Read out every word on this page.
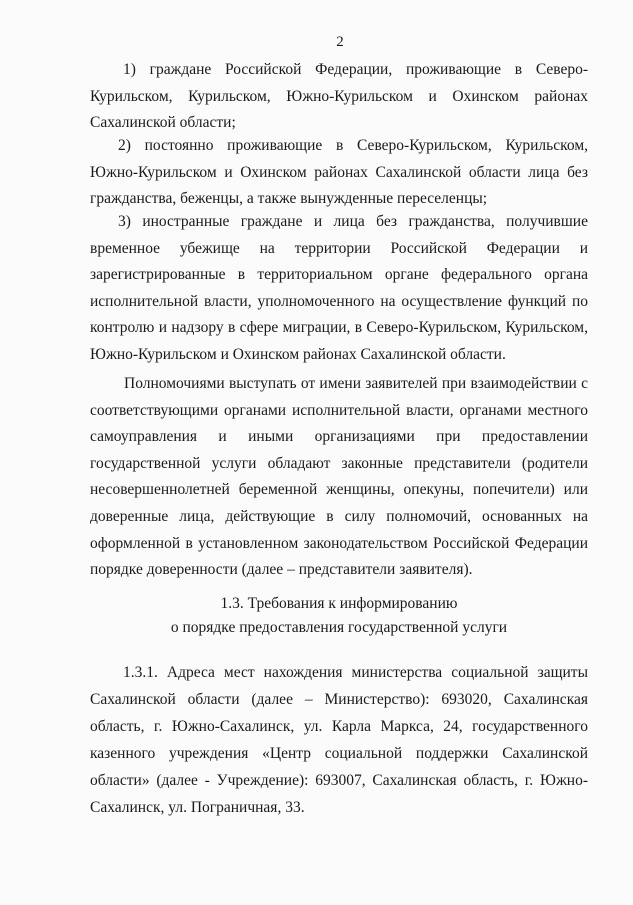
2

1) граждане Российской Федерации, проживающие в Северо-Курильском, Курильском, Южно-Курильском и Охинском районах Сахалинской области;

2) постоянно проживающие в Северо-Курильском, Курильском, Южно-Курильском и Охинском районах Сахалинской области лица без гражданства, беженцы, а также вынужденные переселенцы;

3) иностранные граждане и лица без гражданства, получившие временное убежище на территории Российской Федерации и зарегистрированные в территориальном органе федерального органа исполнительной власти, уполномоченного на осуществление функций по контролю и надзору в сфере миграции, в Северо-Курильском, Курильском, Южно-Курильском и Охинском районах Сахалинской области.

Полномочиями выступать от имени заявителей при взаимодействии с соответствующими органами исполнительной власти, органами местного самоуправления и иными организациями при предоставлении государственной услуги обладают законные представители (родители несовершеннолетней беременной женщины, опекуны, попечители) или доверенные лица, действующие в силу полномочий, основанных на оформленной в установленном законодательством Российской Федерации порядке доверенности (далее – представители заявителя).

1.3. Требования к информированию

о порядке предоставления государственной услуги

1.3.1. Адреса мест нахождения министерства социальной защиты Сахалинской области (далее – Министерство): 693020, Сахалинская область, г. Южно-Сахалинск, ул. Карла Маркса, 24, государственного казенного учреждения «Центр социальной поддержки Сахалинской области» (далее - Учреждение): 693007, Сахалинская область, г. Южно-Сахалинск, ул. Пограничная, 33.
